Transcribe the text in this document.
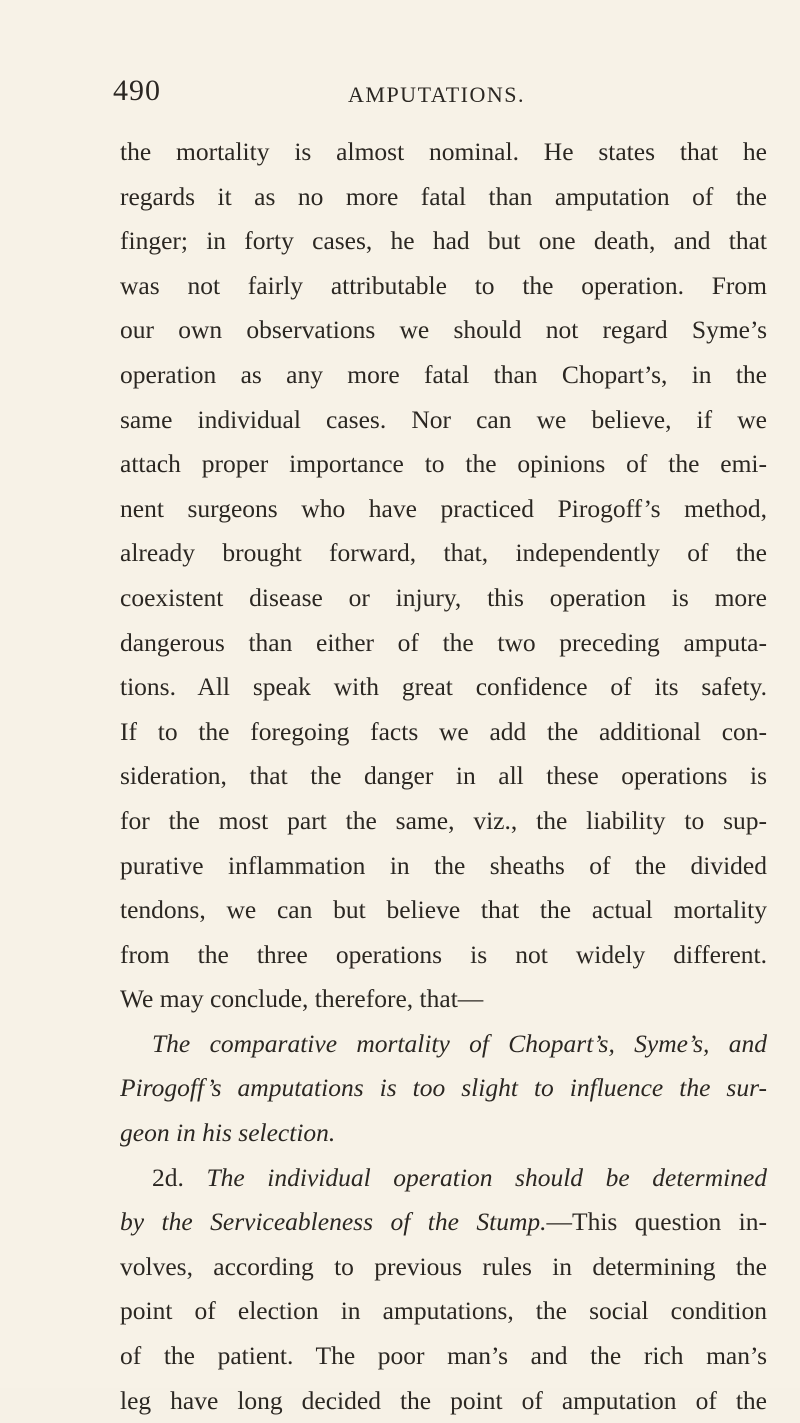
490	AMPUTATIONS.
the mortality is almost nominal. He states that he
regards it as no more fatal than amputation of the
finger; in forty cases, he had but one death, and that
was not fairly attributable to the operation. From
our own observations we should not regard Syme’s
operation as any more fatal than Chopart’s, in the
same individual cases. Nor can we believe, if we
attach proper importance to the opinions of the emi-
nent surgeons who have practiced Pirogoff’s method,
already brought forward, that, independently of the
coexistent disease or injury, this operation is more
dangerous than either of the two preceding amputa-
tions. All speak with great confidence of its safety.
If to the foregoing facts we add the additional con-
sideration, that the danger in all these operations is
for the most part the same, viz., the liability to sup-
purative inflammation in the sheaths of the divided
tendons, we can but believe that the actual mortality
from the three operations is not widely different.
We may conclude, therefore, that—
The comparative mortality of Chopart’s, Syme’s, and
Pirogoff’s amputations is too slight to influence the sur-
geon in his selection.
2d. The individual operation should be determined
by the Serviceableness of the Stump.—This question in-
volves, according to previous rules in determining the
point of election in amputations, the social condition
of the patient. The poor man’s and the rich man’s
leg have long decided the point of amputation of the
